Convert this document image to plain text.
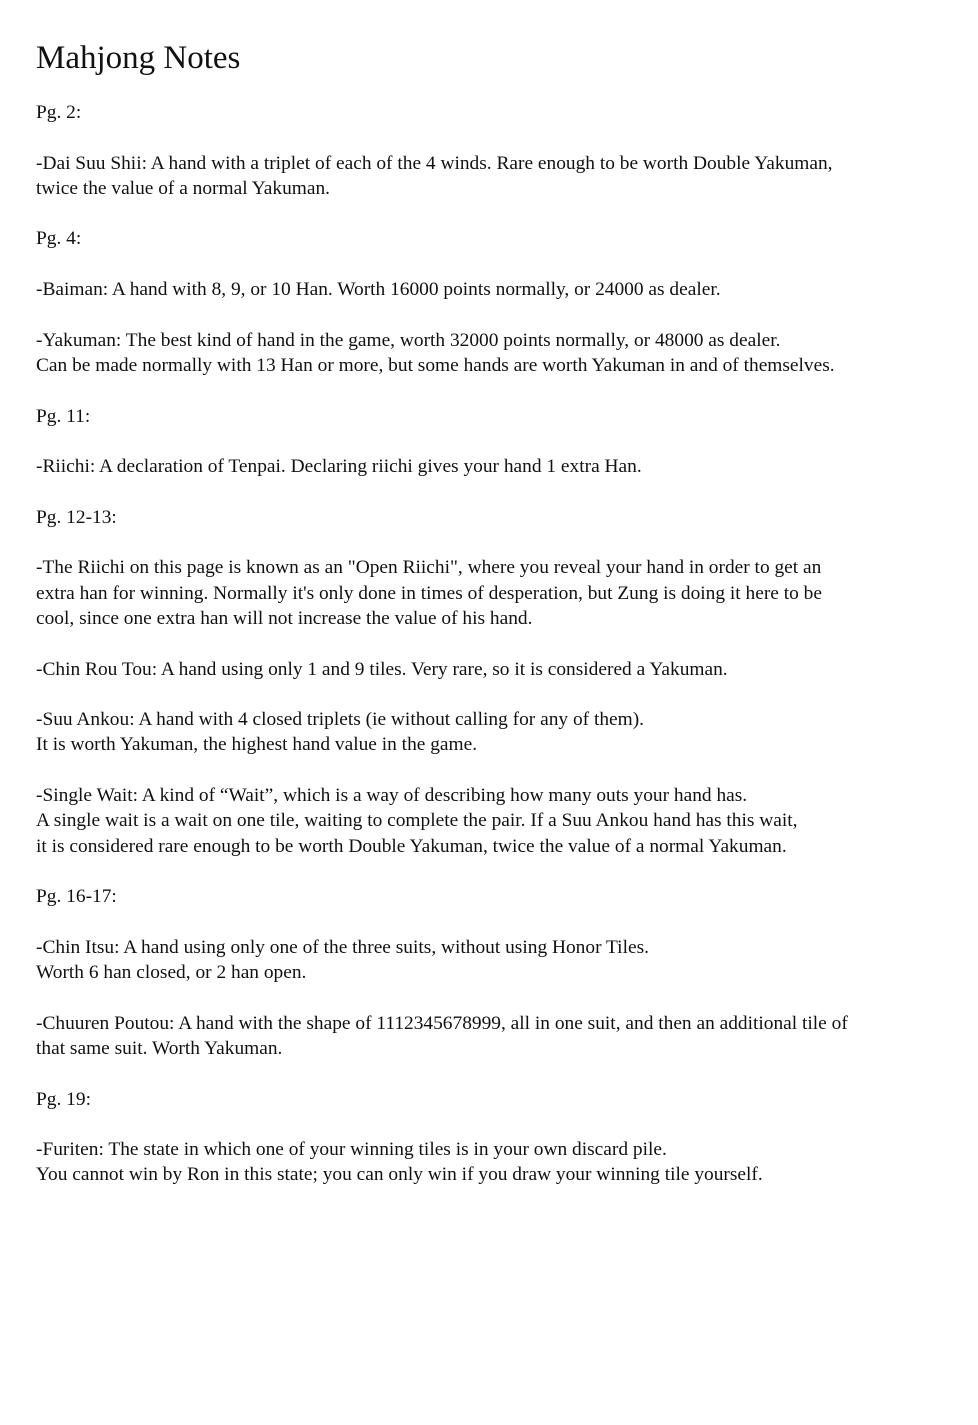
Mahjong Notes

Pg. 2:

-Dai Suu Shii: A hand with a triplet of each of the 4 winds. Rare enough to be worth Double Yakuman,
twice the value of a normal Yakuman.

Pg. 4:

-Baiman: A hand with 8, 9, or 10 Han. Worth 16000 points normally, or 24000 as dealer.

-Yakuman: The best kind of hand in the game, worth 32000 points normally, or 48000 as dealer.
Can be made normally with 13 Han or more, but some hands are worth Yakuman in and of themselves.

Pg. 11:

-Riichi: A declaration of Tenpai. Declaring riichi gives your hand 1 extra Han.

Pg. 12-13:

-The Riichi on this page is known as an "Open Riichi", where you reveal your hand in order to get an
extra han for winning. Normally it's only done in times of desperation, but Zung is doing it here to be
cool, since one extra han will not increase the value of his hand.

-Chin Rou Tou: A hand using only 1 and 9 tiles. Very rare, so it is considered a Yakuman.

-Suu Ankou: A hand with 4 closed triplets (ie without calling for any of them).
It is worth Yakuman, the highest hand value in the game.

-Single Wait: A kind of “Wait”, which is a way of describing how many outs your hand has.
A single wait is a wait on one tile, waiting to complete the pair. If a Suu Ankou hand has this wait,
it is considered rare enough to be worth Double Yakuman, twice the value of a normal Yakuman.

Pg. 16-17:

-Chin Itsu: A hand using only one of the three suits, without using Honor Tiles.
Worth 6 han closed, or 2 han open.

-Chuuren Poutou: A hand with the shape of 1112345678999, all in one suit, and then an additional tile of
that same suit. Worth Yakuman.

Pg. 19:

-Furiten: The state in which one of your winning tiles is in your own discard pile.
You cannot win by Ron in this state; you can only win if you draw your winning tile yourself.
